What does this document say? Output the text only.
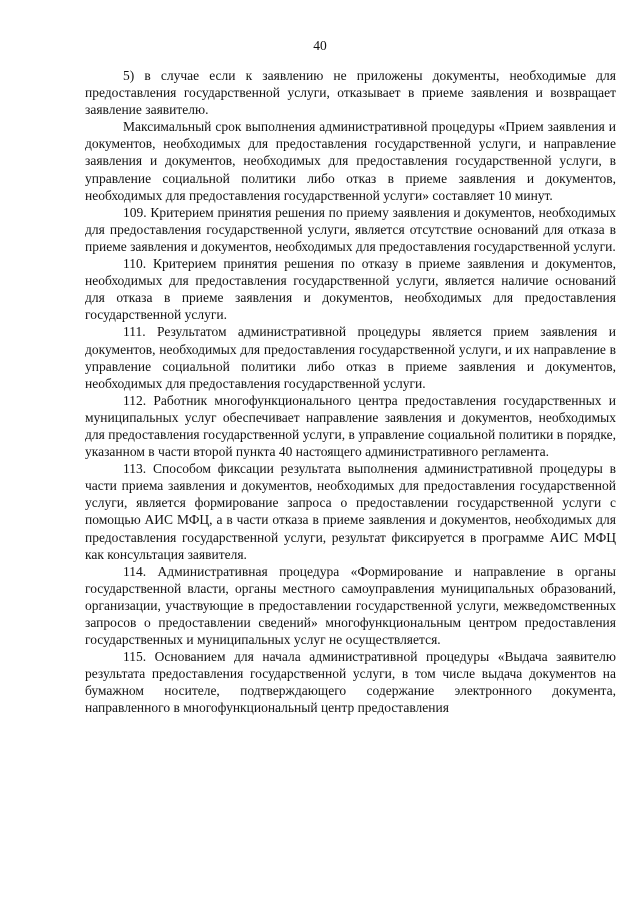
40

5) в случае если к заявлению не приложены документы, необходимые для предоставления государственной услуги, отказывает в приеме заявления и возвращает заявление заявителю.

Максимальный срок выполнения административной процедуры «Прием заявления и документов, необходимых для предоставления государственной услуги, и направление заявления и документов, необходимых для предоставления государственной услуги, в управление социальной политики либо отказ в приеме заявления и документов, необходимых для предоставления государственной услуги» составляет 10 минут.

109. Критерием принятия решения по приему заявления и документов, необходимых для предоставления государственной услуги, является отсутствие оснований для отказа в приеме заявления и документов, необходимых для предоставления государственной услуги.

110. Критерием принятия решения по отказу в приеме заявления и документов, необходимых для предоставления государственной услуги, является наличие оснований для отказа в приеме заявления и документов, необходимых для предоставления государственной услуги.

111. Результатом административной процедуры является прием заявления и документов, необходимых для предоставления государственной услуги, и их направление в управление социальной политики либо отказ в приеме заявления и документов, необходимых для предоставления государственной услуги.

112. Работник многофункционального центра предоставления государственных и муниципальных услуг обеспечивает направление заявления и документов, необходимых для предоставления государственной услуги, в управление социальной политики в порядке, указанном в части второй пункта 40 настоящего административного регламента.

113. Способом фиксации результата выполнения административной процедуры в части приема заявления и документов, необходимых для предоставления государственной услуги, является формирование запроса о предоставлении государственной услуги с помощью АИС МФЦ, а в части отказа в приеме заявления и документов, необходимых для предоставления государственной услуги, результат фиксируется в программе АИС МФЦ как консультация заявителя.

114. Административная процедура «Формирование и направление в органы государственной власти, органы местного самоуправления муниципальных образований, организации, участвующие в предоставлении государственной услуги, межведомственных запросов о предоставлении сведений» многофункциональным центром предоставления государственных и муниципальных услуг не осуществляется.

115. Основанием для начала административной процедуры «Выдача заявителю результата предоставления государственной услуги, в том числе выдача документов на бумажном носителе, подтверждающего содержание электронного документа, направленного в многофункциональный центр предоставления
